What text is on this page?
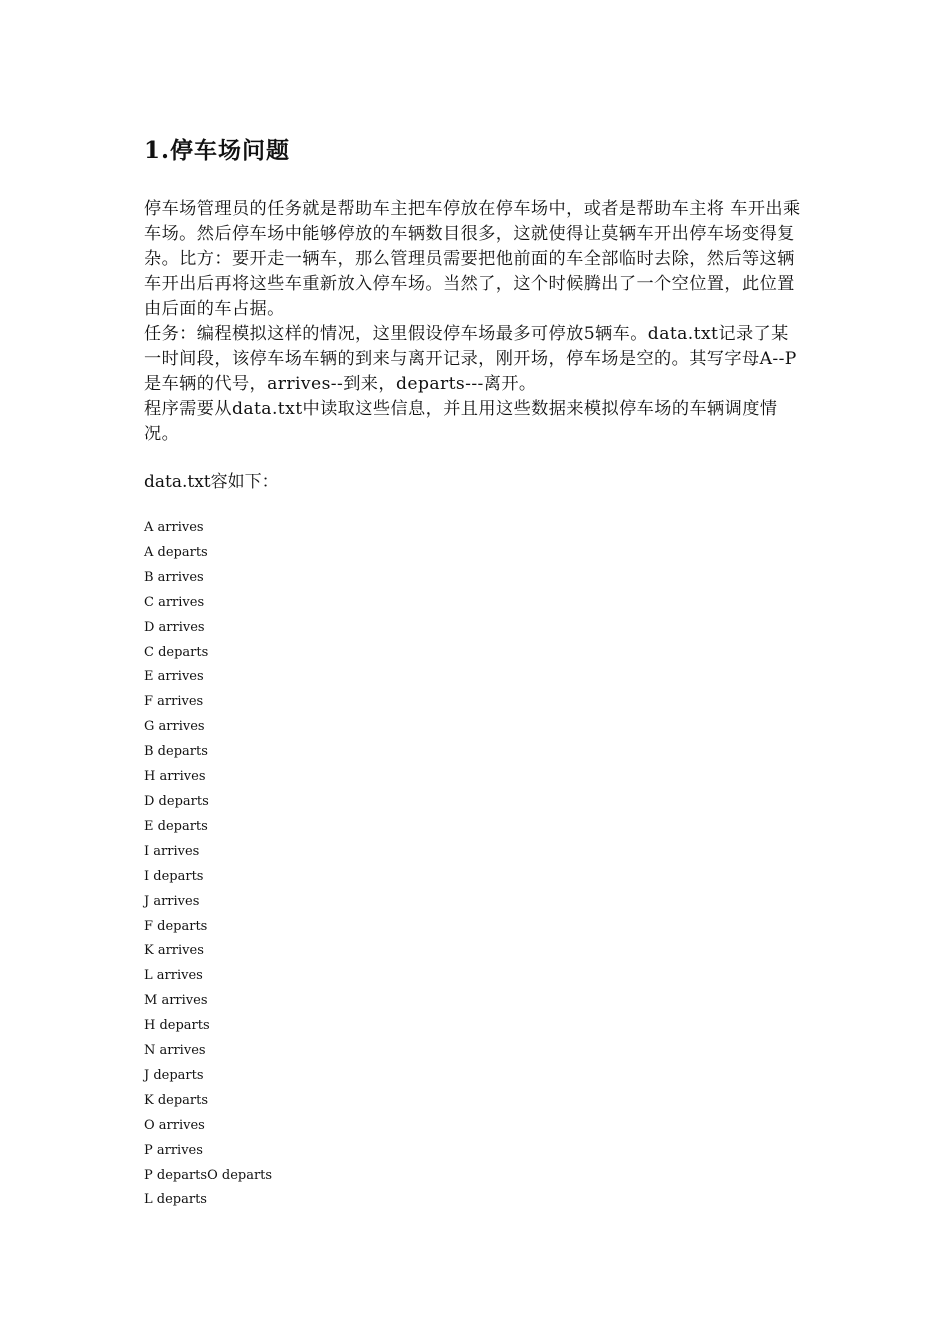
1.停车场问题

停车场管理员的任务就是帮助车主把车停放在停车场中，或者是帮助车主将 车开出乘车场。然后停车场中能够停放的车辆数目很多，这就使得让莫辆车开出停车场变得复杂。比方：要开走一辆车，那么管理员需要把他前面的车全部临时去除，然后等这辆车开出后再将这些车重新放入停车场。当然了，这个时候腾出了一个空位置，此位置由后面的车占据。

任务：编程模拟这样的情况，这里假设停车场最多可停放5辆车。data.txt记录了某一时间段，该停车场车辆的到来与离开记录，刚开场，停车场是空的。其写字母A--P是车辆的代号，arrives--到来，departs---离开。

程序需要从data.txt中读取这些信息，并且用这些数据来模拟停车场的车辆调度情况。

data.txt容如下：

A arrives
A departs
B arrives
C arrives
D arrives
C departs
E arrives
F arrives
G arrives
B departs
H arrives
D departs
E departs
I arrives
I departs
J arrives
F departs
K arrives
L arrives
M arrives
H departs
N arrives
J departs
K departs
O arrives
P arrives
P departsO departs
L departs
